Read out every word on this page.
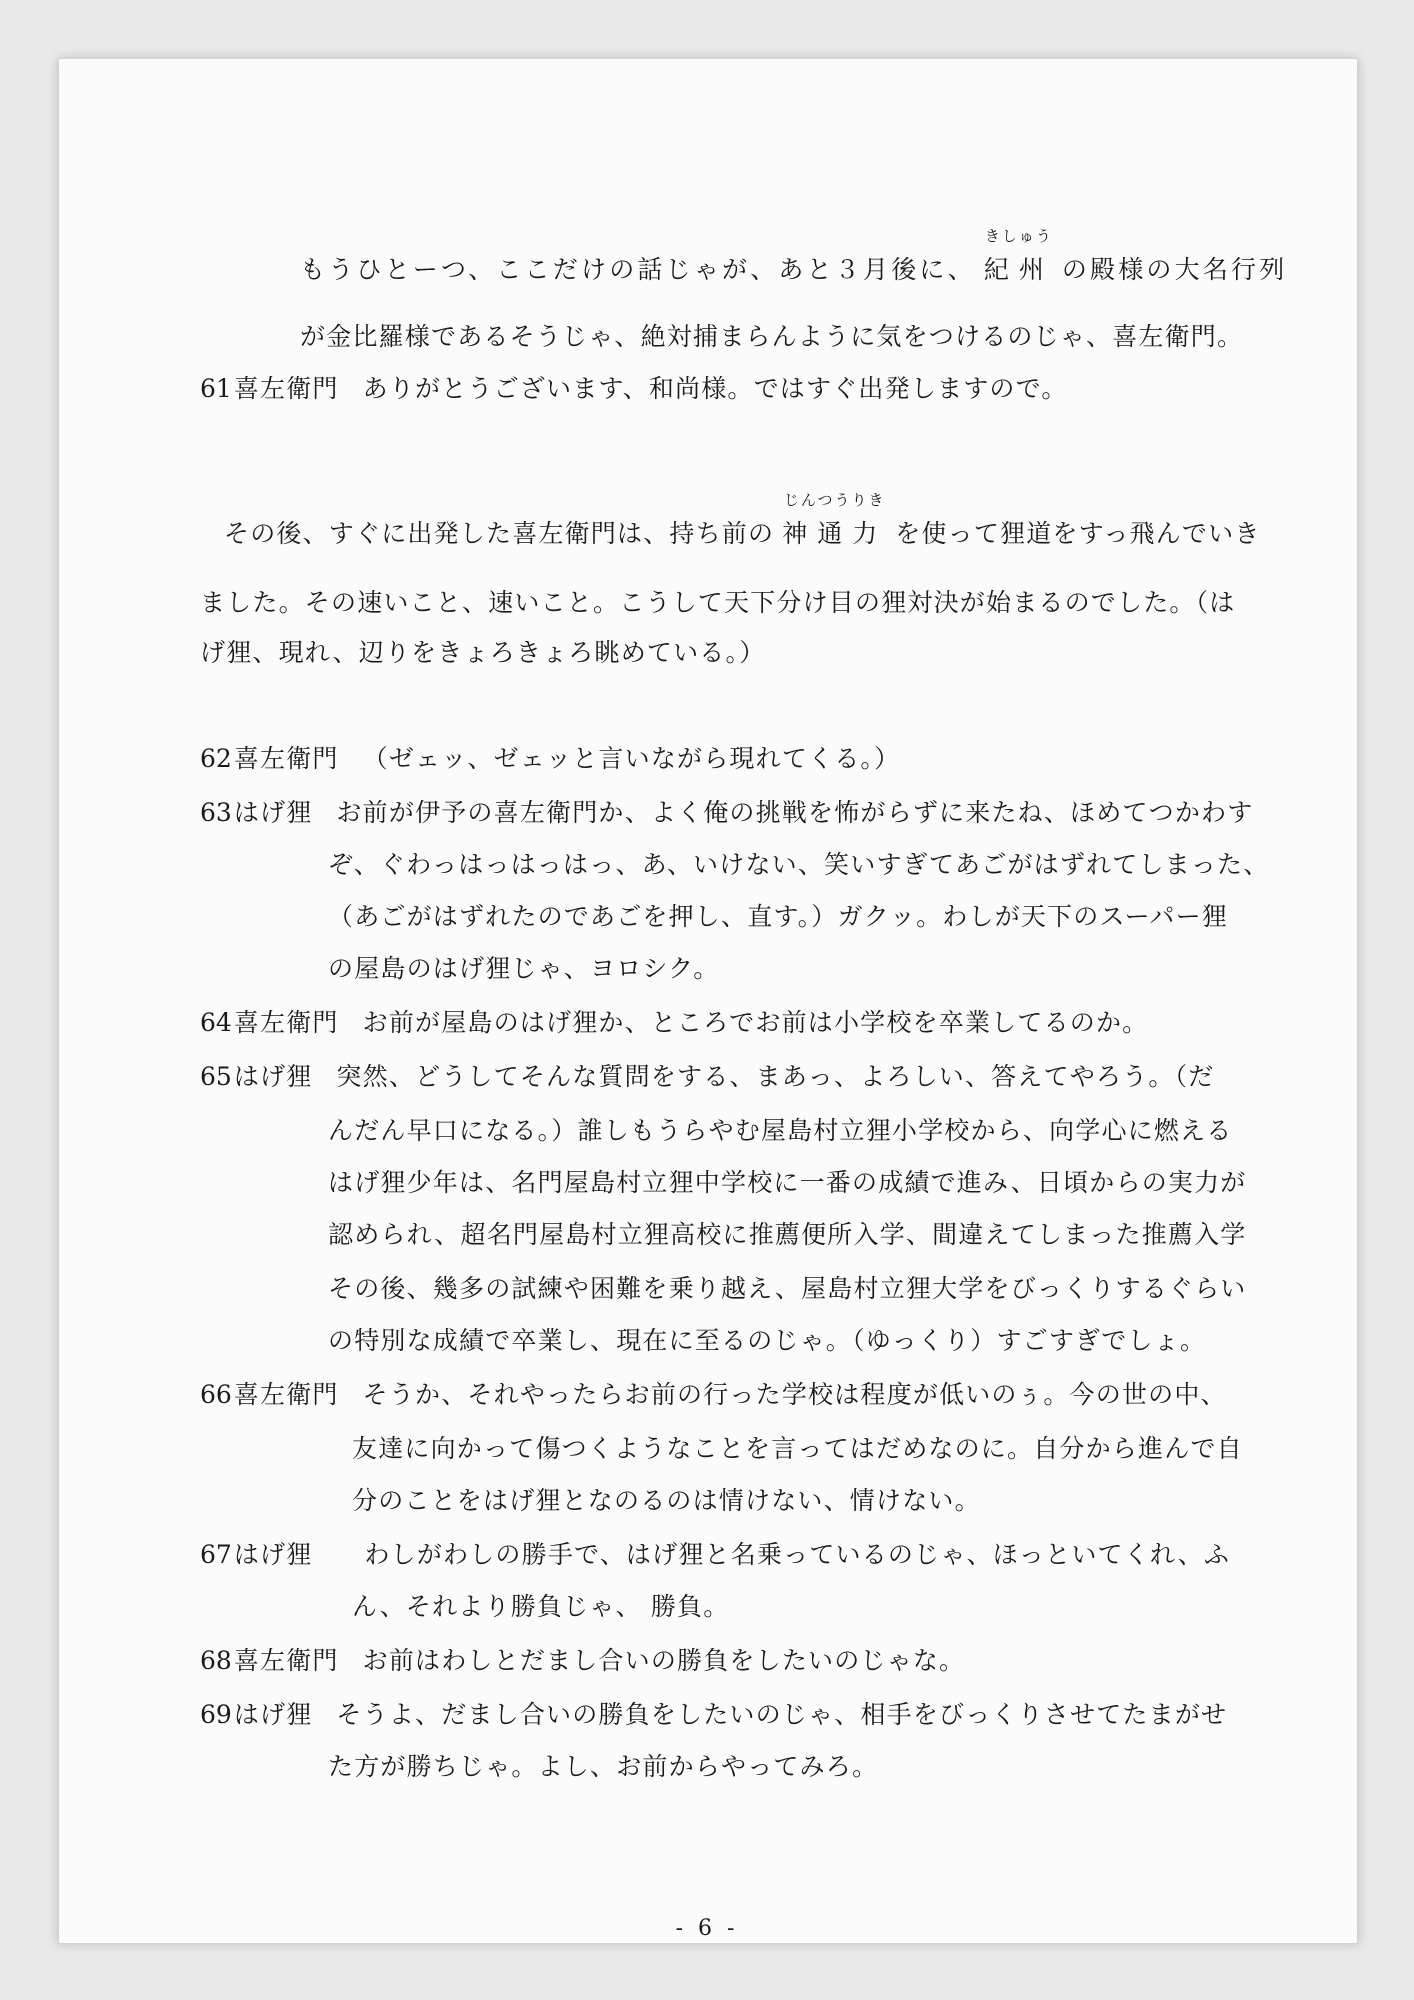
もうひとーつ、ここだけの話じゃが、あと３月後に、
きしゅう
紀州 の殿様の大名行列
が金比羅様であるそうじゃ、絶対捕まらんように気をつけるのじゃ、喜左衛門。
61喜左衛門 ありがとうございます、和尚様。ではすぐ出発しますので。
その後、すぐに出発した喜左衛門は、持ち前の
じんつうりき
神通力 を使って狸道をすっ飛んでいき
ました。その速いこと、速いこと。こうして天下分け目の狸対決が始まるのでした。（は
げ狸、現れ、辺りをきょろきょろ眺めている。）
62喜左衛門 （ゼェッ、ゼェッと言いながら現れてくる。）
63はげ狸 お前が伊予の喜左衛門か、よく俺の挑戦を怖がらずに来たね、ほめてつかわす
ぞ、ぐわっはっはっはっ、あ、いけない、笑いすぎてあごがはずれてしまった、
（あごがはずれたのであごを押し、直す。）ガクッ。わしが天下のスーパー狸
の屋島のはげ狸じゃ、ヨロシク。
64喜左衛門 お前が屋島のはげ狸か、ところでお前は小学校を卒業してるのか。
65はげ狸 突然、どうしてそんな質問をする、まあっ、よろしい、答えてやろう。（だ
んだん早口になる。）誰しもうらやむ屋島村立狸小学校から、向学心に燃える
はげ狸少年は、名門屋島村立狸中学校に一番の成績で進み、日頃からの実力が
認められ、超名門屋島村立狸高校に推薦便所入学、間違えてしまった推薦入学
その後、幾多の試練や困難を乗り越え、屋島村立狸大学をびっくりするぐらい
の特別な成績で卒業し、現在に至るのじゃ。（ゆっくり）すごすぎでしょ。
66喜左衛門 そうか、それやったらお前の行った学校は程度が低いのぅ。今の世の中、
友達に向かって傷つくようなことを言ってはだめなのに。自分から進んで自
分のことをはげ狸となのるのは情けない、情けない。
67はげ狸 わしがわしの勝手で、はげ狸と名乗っているのじゃ、ほっといてくれ、ふ
ん、それより勝負じゃ、 勝負。
68喜左衛門 お前はわしとだまし合いの勝負をしたいのじゃな。
69はげ狸 そうよ、だまし合いの勝負をしたいのじゃ、相手をびっくりさせてたまがせ
た方が勝ちじゃ。よし、お前からやってみろ。
- 6 -
